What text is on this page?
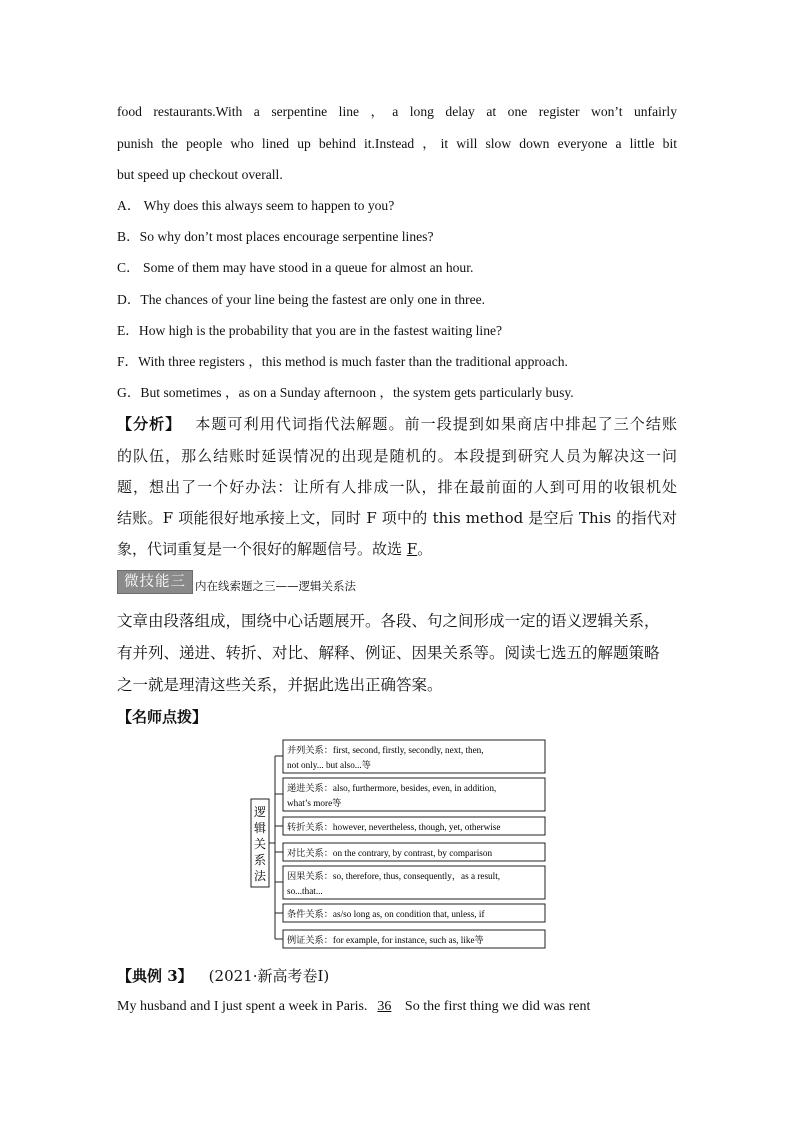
food restaurants.With a serpentine line ，a long delay at one register won’t unfairly
punish the people who lined up behind it.Instead ，it will slow down everyone a little bit
but speed up checkout overall.
A． Why does this always seem to happen to you?
B．So why don’t most places encourage serpentine lines?
C． Some of them may have stood in a queue for almost an hour.
D．The chances of your line being the fastest are only one in three.
E．How high is the probability that you are in the fastest waiting line?
F．With three registers ，this method is much faster than the traditional approach.
G．But sometimes ，as on a Sunday afternoon ，the system gets particularly busy.
【分析】 本题可利用代词指代法解题。前一段提到如果商店中排起了三个结账
的队伍，那么结账时延误情况的出现是随机的。本段提到研究人员为解决这一问
题，想出了一个好办法：让所有人排成一队，排在最前面的人到可用的收银机处
结账。F 项能很好地承接上文，同时 F 项中的 this method 是空后 This 的指代对
象，代词重复是一个很好的解题信号。故选 F。
微技能三 内在线索题之三——逻辑关系法
文章由段落组成，围绕中心话题展开。各段、句之间形成一定的语义逻辑关系，
有并列、递进、转折、对比、解释、例证、因果关系等。阅读七选五的解题策略
之一就是理清这些关系，并据此选出正确答案。
【名师点拨】
逻
辑
关
系
法
并列关系：first, second, firstly, secondly, next, then,
not only... but also...等
递进关系：also, furthermore, besides, even, in addition,
what’s more等
转折关系：however, nevertheless, though, yet, otherwise
对比关系：on the contrary, by contrast, by comparison
因果关系：so, therefore, thus, consequently，as a result,
so...that...
条件关系：as/so long as, on condition that, unless, if
例证关系：for example, for instance, such as, like等
【典例 3】 (2021·新高考卷Ⅰ)
My husband and I just spent a week in Paris. 36 So the first thing we did was rent
